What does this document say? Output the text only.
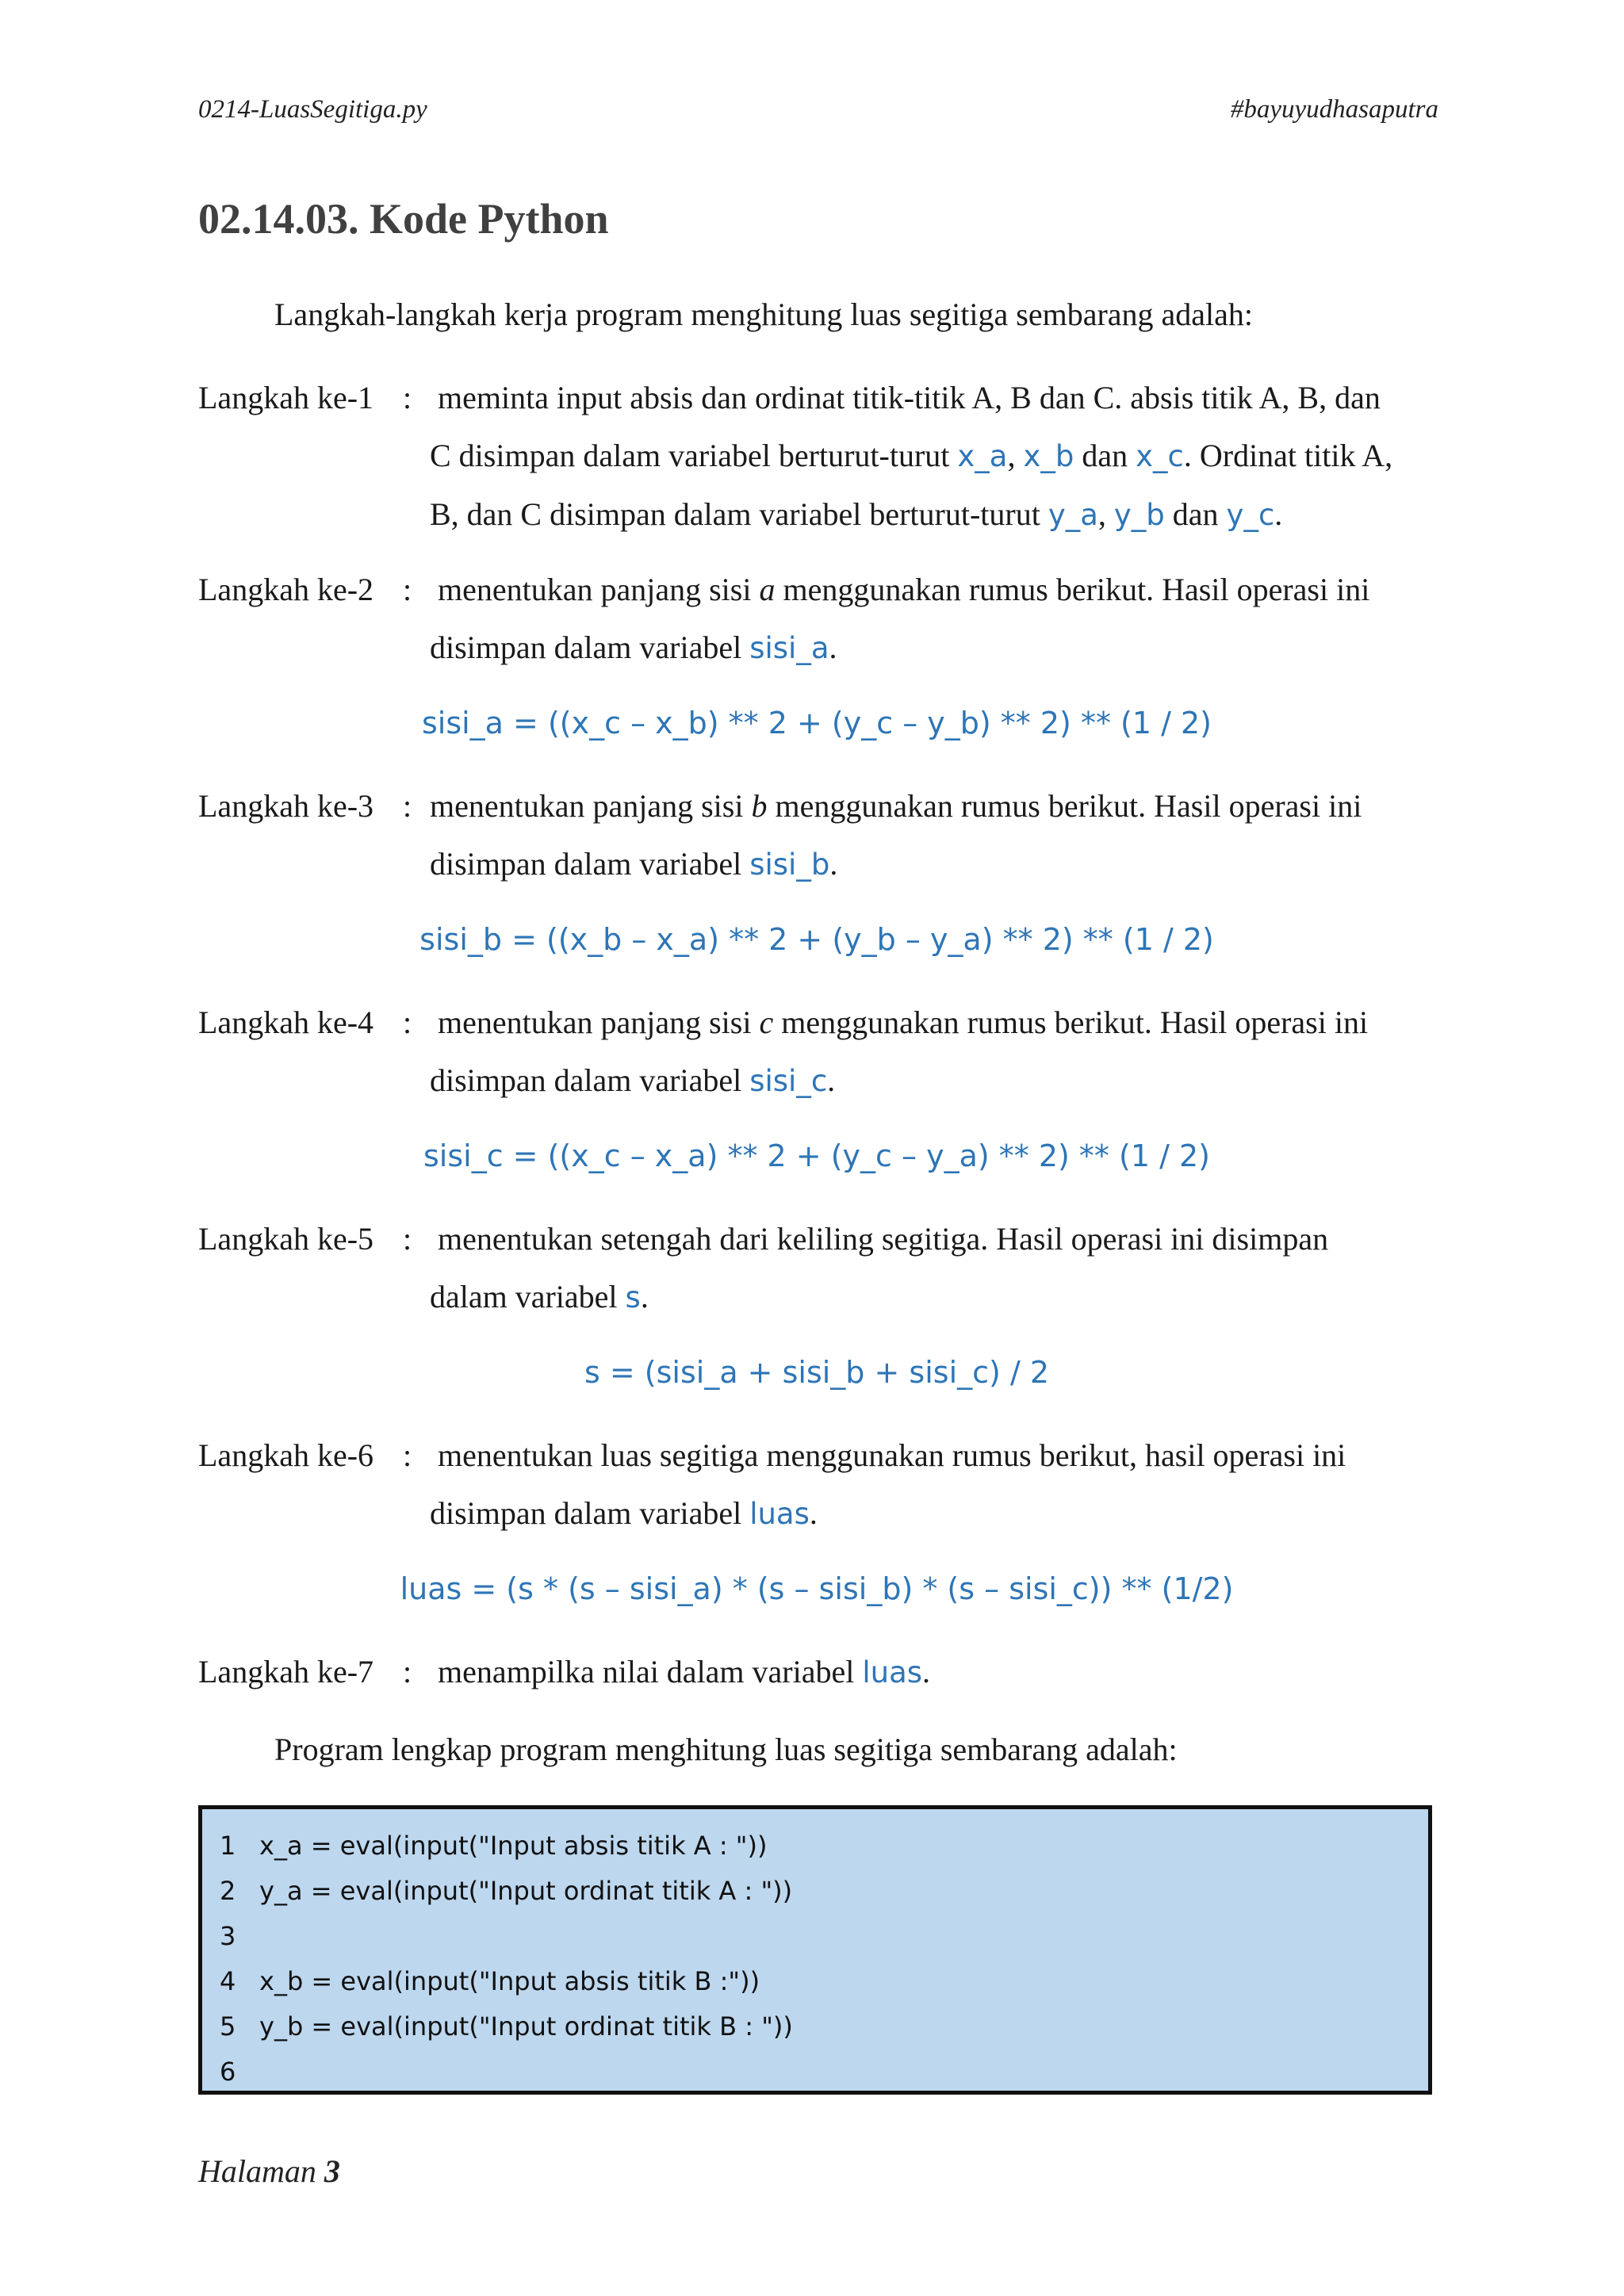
0214-LuasSegitiga.py	#bayuyudhasaputra
02.14.03. Kode Python
Langkah-langkah kerja program menghitung luas segitiga sembarang adalah:
Langkah ke-1 : meminta input absis dan ordinat titik-titik A, B dan C. absis titik A, B, dan
C disimpan dalam variabel berturut-turut x_a, x_b dan x_c. Ordinat titik A,
B, dan C disimpan dalam variabel berturut-turut y_a, y_b dan y_c.
Langkah ke-2 : menentukan panjang sisi a menggunakan rumus berikut. Hasil operasi ini
disimpan dalam variabel sisi_a.
sisi_a = ((x_c – x_b) ** 2 + (y_c – y_b) ** 2) ** (1 / 2)
Langkah ke-3 : menentukan panjang sisi b menggunakan rumus berikut. Hasil operasi ini
disimpan dalam variabel sisi_b.
sisi_b = ((x_b – x_a) ** 2 + (y_b – y_a) ** 2) ** (1 / 2)
Langkah ke-4 : menentukan panjang sisi c menggunakan rumus berikut. Hasil operasi ini
disimpan dalam variabel sisi_c.
sisi_c = ((x_c – x_a) ** 2 + (y_c – y_a) ** 2) ** (1 / 2)
Langkah ke-5 : menentukan setengah dari keliling segitiga. Hasil operasi ini disimpan
dalam variabel s.
s = (sisi_a + sisi_b + sisi_c) / 2
Langkah ke-6 : menentukan luas segitiga menggunakan rumus berikut, hasil operasi ini
disimpan dalam variabel luas.
luas = (s * (s – sisi_a) * (s – sisi_b) * (s – sisi_c)) ** (1/2)
Langkah ke-7 : menampilka nilai dalam variabel luas.
Program lengkap program menghitung luas segitiga sembarang adalah:
1 x_a = eval(input("Input absis titik A : "))
2 y_a = eval(input("Input ordinat titik A : "))
3
4 x_b = eval(input("Input absis titik B :"))
5 y_b = eval(input("Input ordinat titik B : "))
6
Halaman 3
